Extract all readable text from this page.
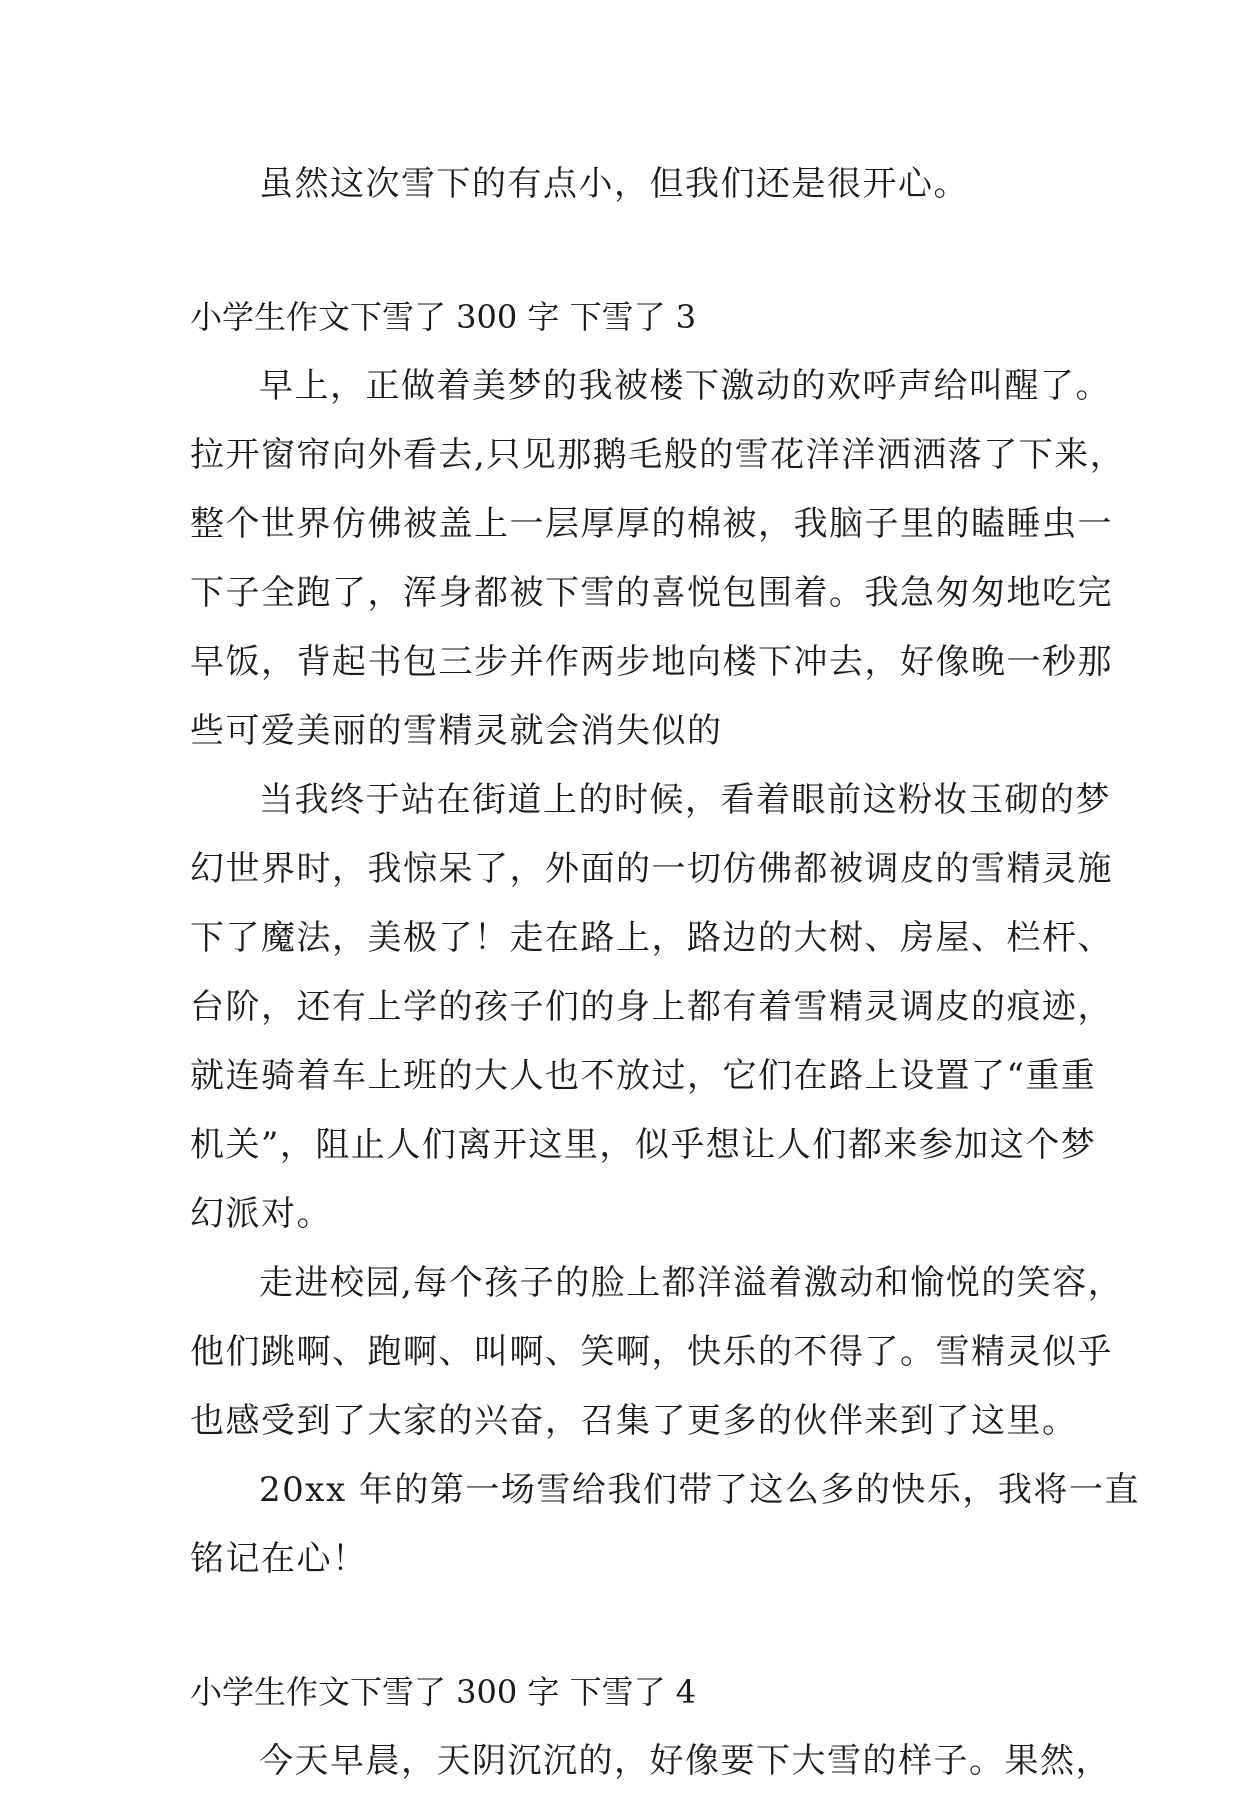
虽然这次雪下的有点小，但我们还是很开心。
小学生作文下雪了 300 字 下雪了 3
早上，正做着美梦的我被楼下激动的欢呼声给叫醒了。
拉开窗帘向外看去,只见那鹅毛般的雪花洋洋洒洒落了下来，
整个世界仿佛被盖上一层厚厚的棉被，我脑子里的瞌睡虫一
下子全跑了，浑身都被下雪的喜悦包围着。我急匆匆地吃完
早饭，背起书包三步并作两步地向楼下冲去，好像晚一秒那
些可爱美丽的雪精灵就会消失似的
当我终于站在街道上的时候，看着眼前这粉妆玉砌的梦
幻世界时，我惊呆了，外面的一切仿佛都被调皮的雪精灵施
下了魔法，美极了！走在路上，路边的大树、房屋、栏杆、
台阶，还有上学的孩子们的身上都有着雪精灵调皮的痕迹，
就连骑着车上班的大人也不放过，它们在路上设置了“重重
机关”，阻止人们离开这里，似乎想让人们都来参加这个梦
幻派对。
走进校园,每个孩子的脸上都洋溢着激动和愉悦的笑容，
他们跳啊、跑啊、叫啊、笑啊，快乐的不得了。雪精灵似乎
也感受到了大家的兴奋，召集了更多的伙伴来到了这里。
20xx 年的第一场雪给我们带了这么多的快乐，我将一直
铭记在心！
小学生作文下雪了 300 字 下雪了 4
今天早晨，天阴沉沉的，好像要下大雪的样子。果然，
